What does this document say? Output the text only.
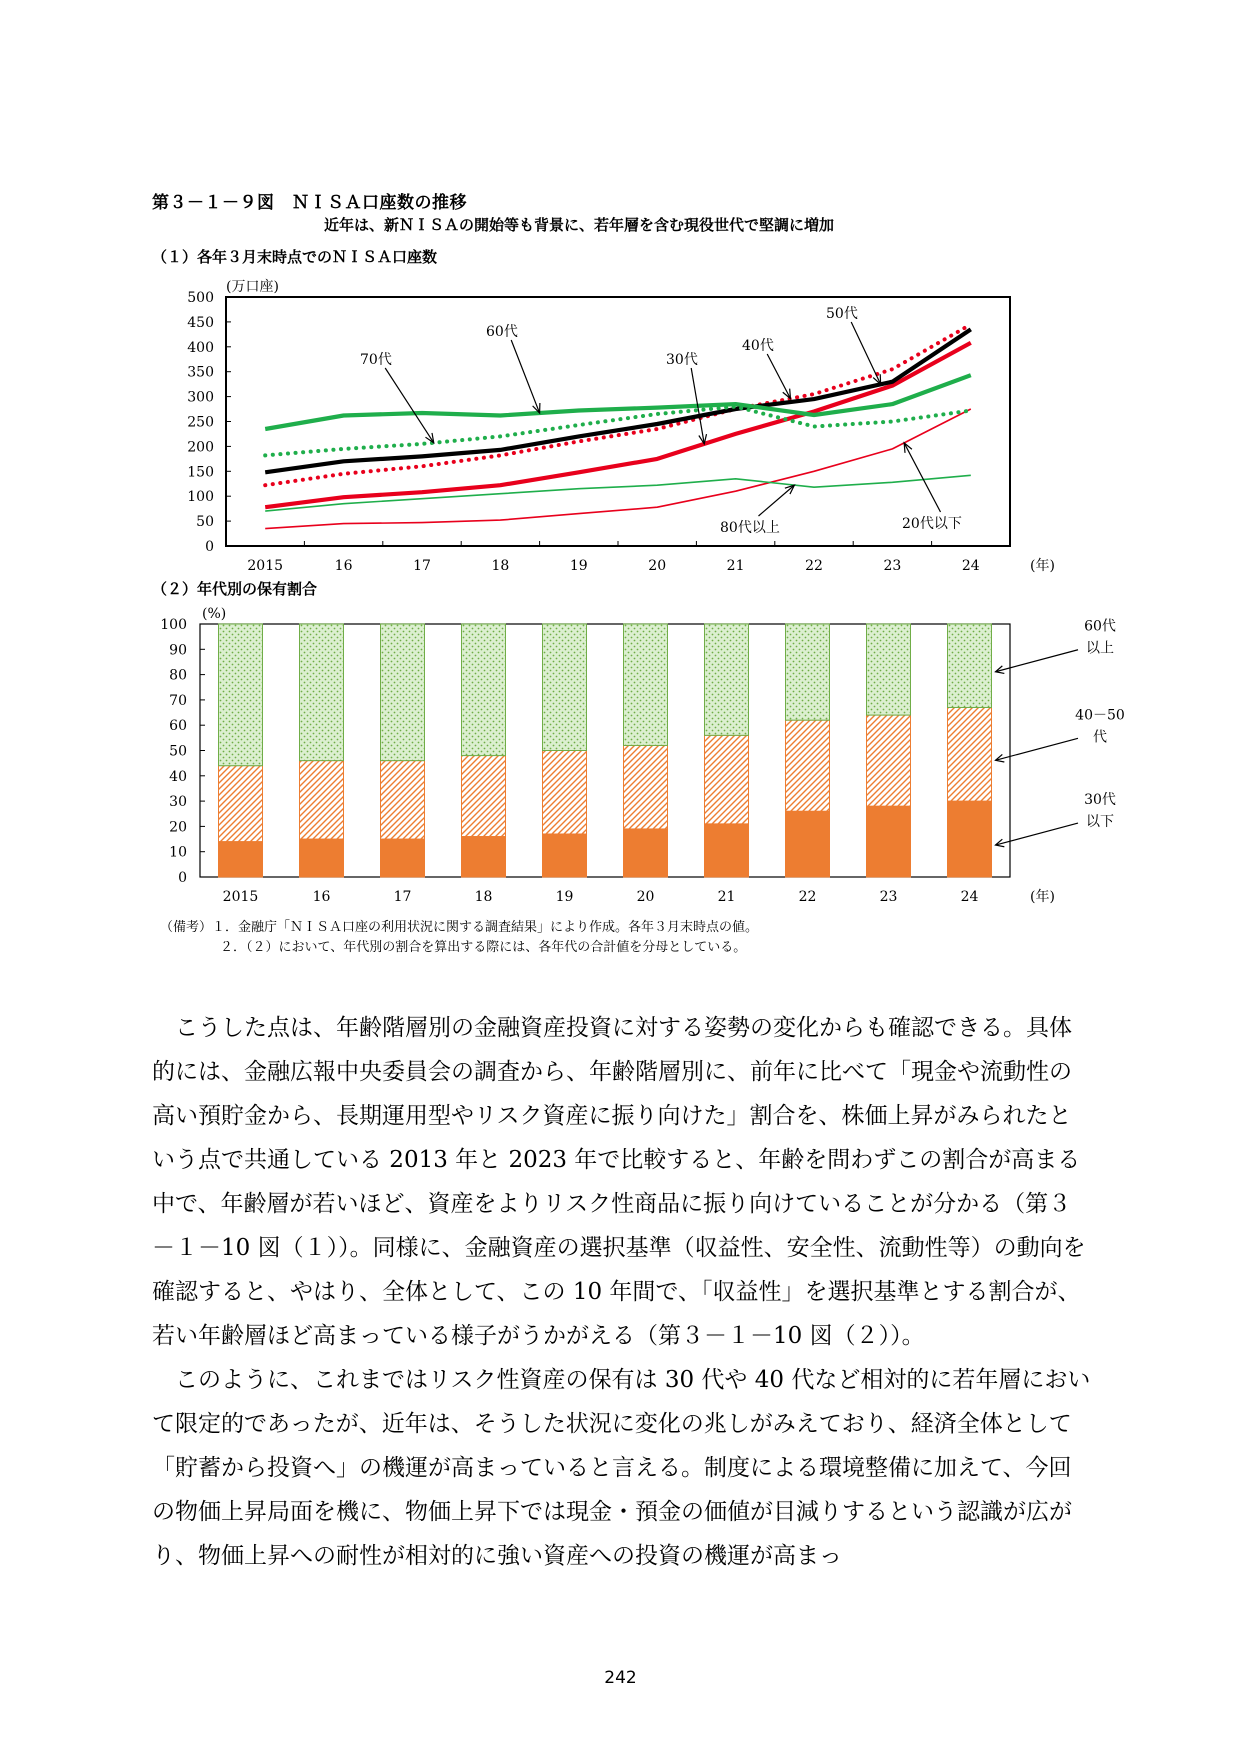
第３－１－９図　ＮＩＳＡ口座数の推移
近年は、新ＮＩＳＡの開始等も背景に、若年層を含む現役世代で堅調に増加
（１）各年３月末時点でのＮＩＳＡ口座数
0
50
100
150
200
250
300
350
400
450
500
2015	16	17	18	19	20	21	22	23	24
(万口座)
(年)
70代
60代
30代
40代
50代
80代以上	20代以下
（２）年代別の保有割合
0
10
20
30
40
50
60
70
80
90
100
2015	16	17	18	19	20	21	22	23	24
(%)
(年)
30代
以下
40－50
代
60代
以上
（備考）１．金融庁「ＮＩＳＡ口座の利用状況に関する調査結果」により作成。各年３月末時点の値。
２．（２）において、年代別の割合を算出する際には、各年代の合計値を分母としている。

こうした点は、年齢階層別の金融資産投資に対する姿勢の変化からも確認できる。具体的には、金融広報中央委員会の調査から、年齢階層別に、前年に比べて「現金や流動性の高い預貯金から、長期運用型やリスク資産に振り向けた」割合を、株価上昇がみられたという点で共通している 2013 年と 2023 年で比較すると、年齢を問わずこの割合が高まる中で、年齢層が若いほど、資産をよりリスク性商品に振り向けていることが分かる（第３－１－10 図（１））。同様に、金融資産の選択基準（収益性、安全性、流動性等）の動向を確認すると、やはり、全体として、この 10 年間で、「収益性」を選択基準とする割合が、若い年齢層ほど高まっている様子がうかがえる（第３－１－10 図（２））。

このように、これまではリスク性資産の保有は 30 代や 40 代など相対的に若年層において限定的であったが、近年は、そうした状況に変化の兆しがみえており、経済全体として「貯蓄から投資へ」の機運が高まっていると言える。制度による環境整備に加えて、今回の物価上昇局面を機に、物価上昇下では現金・預金の価値が目減りするという認識が広がり、物価上昇への耐性が相対的に強い資産への投資の機運が高まっ

242
